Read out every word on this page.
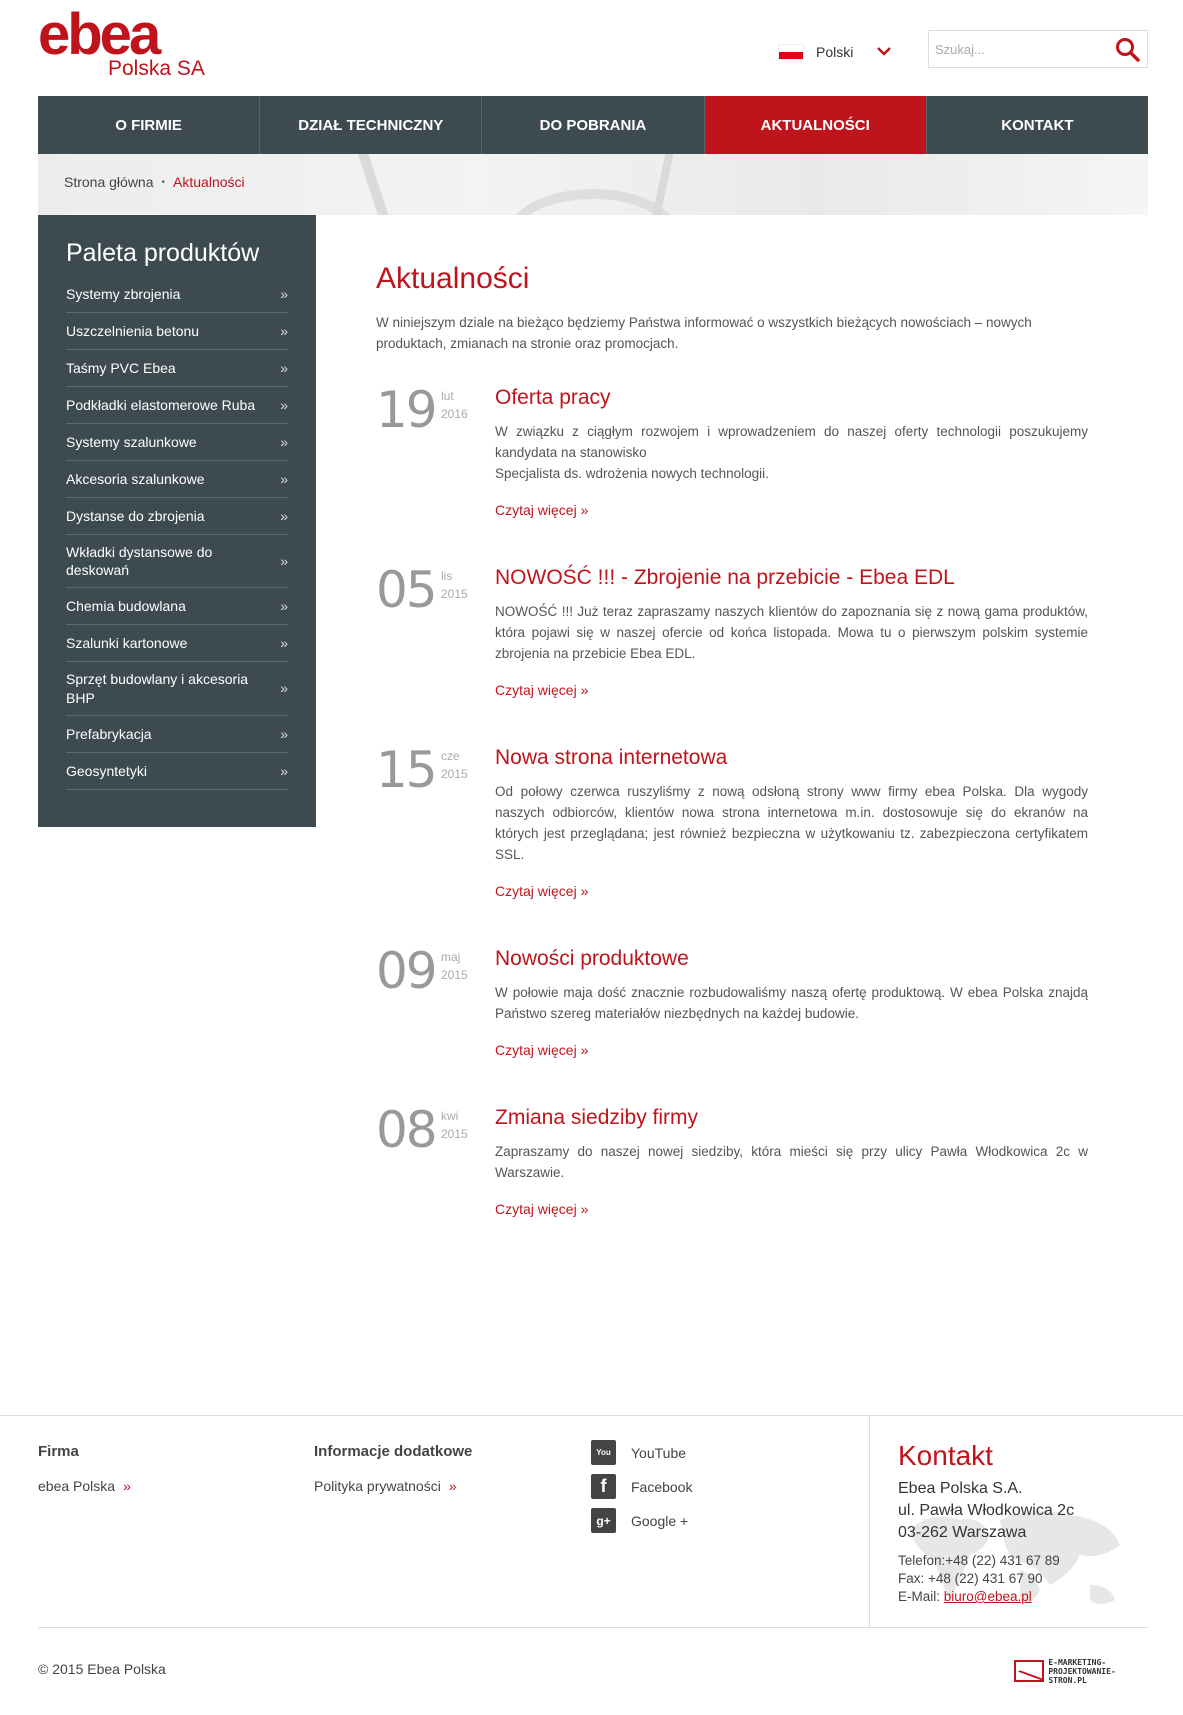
ebea
Polska SA
Polski
Szukaj...
O FIRMIE	DZIAŁ TECHNICZNY	DO POBRANIA	AKTUALNOŚCI	KONTAKT
Strona główna • Aktualności
Paleta produktów
Systemy zbrojenia	»
Uszczelnienia betonu	»
Taśmy PVC Ebea	»
Podkładki elastomerowe Ruba »
Systemy szalunkowe	»
Akcesoria szalunkowe	»
Dystanse do zbrojenia	»
Wkładki dystansowe do deskowań
»
Chemia budowlana	»
Szalunki kartonowe	»
Sprzęt budowlany i akcesoria BHP
»
Prefabrykacja	»
Geosyntetyki	»
Aktualności

W niniejszym dziale na bieżąco będziemy Państwa informować o wszystkich bieżących nowościach – nowych produktach, zmianach na stronie oraz promocjach.

19 lut
2016
Oferta pracy
W związku z ciągłym rozwojem i wprowadzeniem do naszej oferty technologii poszukujemy kandydata na stanowisko
Specjalista ds. wdrożenia nowych technologii.
Czytaj więcej »
05 lis
2015
NOWOŚĆ !!! - Zbrojenie na przebicie - Ebea EDL
NOWOŚĆ !!! Już teraz zapraszamy naszych klientów do zapoznania się z nową gama produktów, która pojawi się w naszej ofercie od końca listopada. Mowa tu o pierwszym polskim systemie zbrojenia na przebicie Ebea EDL.
Czytaj więcej »
15 cze
2015
Nowa strona internetowa
Od połowy czerwca ruszyliśmy z nową odsłoną strony www firmy ebea Polska. Dla wygody naszych odbiorców, klientów nowa strona internetowa m.in. dostosowuje się do ekranów na których jest przeglądana; jest również bezpieczna w użytkowaniu tz. zabezpieczona certyfikatem SSL.
Czytaj więcej »
09 maj
2015
Nowości produktowe
W połowie maja dość znacznie rozbudowaliśmy naszą ofertę produktową. W ebea Polska znajdą Państwo szereg materiałów niezbędnych na każdej budowie.
Czytaj więcej »
08 kwi
2015
Zmiana siedziby firmy
Zapraszamy do naszej nowej siedziby, która mieści się przy ulicy Pawła Włodkowica 2c w Warszawie.
Czytaj więcej »
Firma
ebea Polska »
Informacje dodatkowe
Polityka prywatności »
You	YouTube
f	Facebook
g+	Google +
Kontakt
Ebea Polska S.A.
ul. Pawła Włodkowica 2c
03-262 Warszawa
Telefon:+48 (22) 431 67 89
Fax: +48 (22) 431 67 90
E-Mail: biuro@ebea.pl
© 2015 Ebea Polska	E-MARKETING-
PROJEKTOWANIE-STRON.PL
